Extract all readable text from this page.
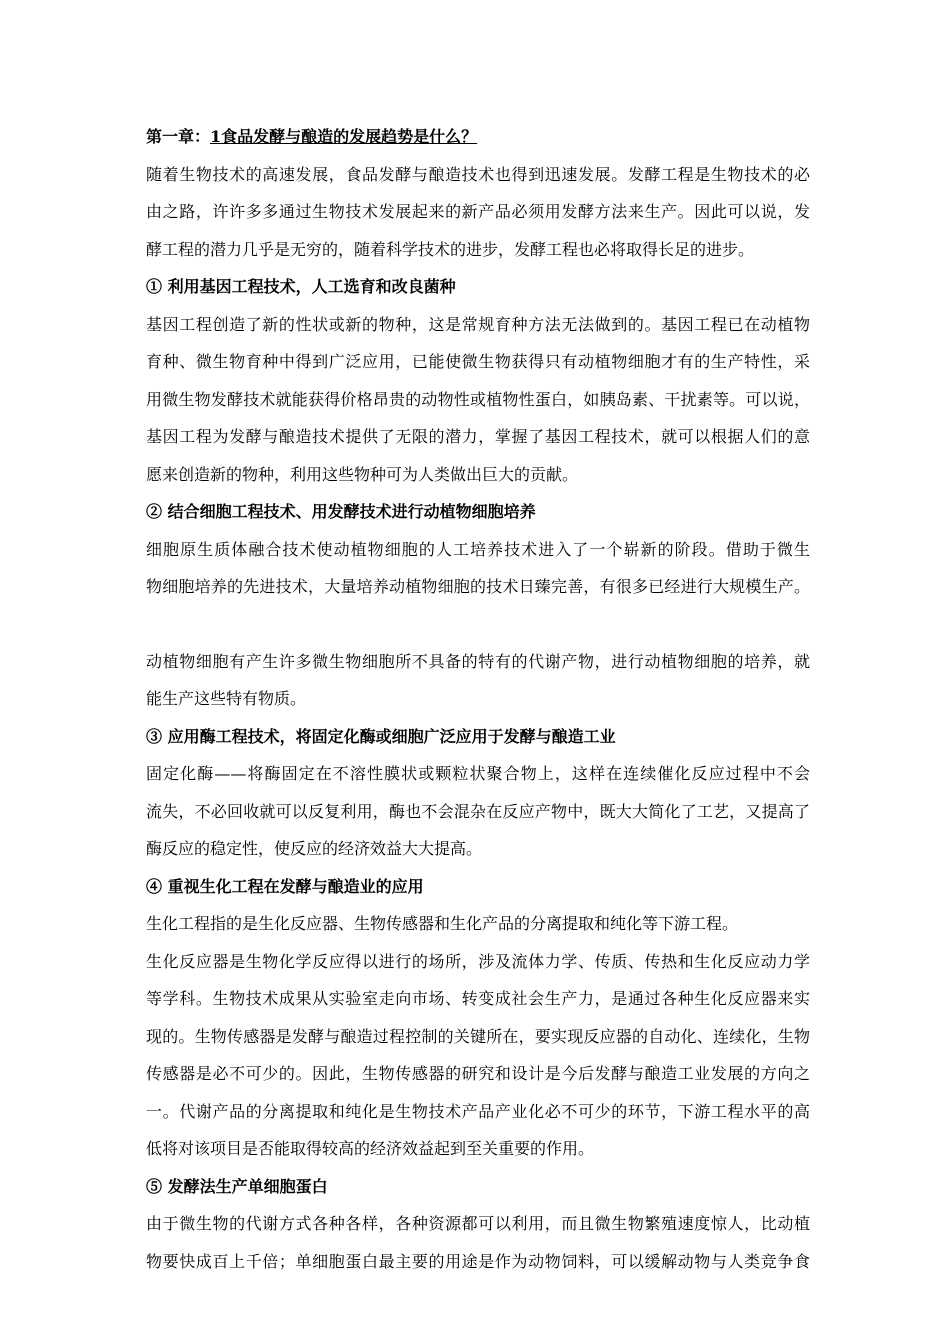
第一章：1食品发酵与酿造的发展趋势是什么？
随着生物技术的高速发展，食品发酵与酿造技术也得到迅速发展。发酵工程是生物技术的必
由之路，许许多多通过生物技术发展起来的新产品必须用发酵方法来生产。因此可以说，发
酵工程的潜力几乎是无穷的，随着科学技术的进步，发酵工程也必将取得长足的进步。
① 利用基因工程技术，人工选育和改良菌种
基因工程创造了新的性状或新的物种，这是常规育种方法无法做到的。基因工程已在动植物
育种、微生物育种中得到广泛应用，已能使微生物获得只有动植物细胞才有的生产特性，采
用微生物发酵技术就能获得价格昂贵的动物性或植物性蛋白，如胰岛素、干扰素等。可以说，
基因工程为发酵与酿造技术提供了无限的潜力，掌握了基因工程技术，就可以根据人们的意
愿来创造新的物种，利用这些物种可为人类做出巨大的贡献。
② 结合细胞工程技术、用发酵技术进行动植物细胞培养
细胞原生质体融合技术使动植物细胞的人工培养技术进入了一个崭新的阶段。借助于微生
物细胞培养的先进技术，大量培养动植物细胞的技术日臻完善，有很多已经进行大规模生产。
动植物细胞有产生许多微生物细胞所不具备的特有的代谢产物，进行动植物细胞的培养，就
能生产这些特有物质。
③ 应用酶工程技术，将固定化酶或细胞广泛应用于发酵与酿造工业
固定化酶——将酶固定在不溶性膜状或颗粒状聚合物上，这样在连续催化反应过程中不会
流失，不必回收就可以反复利用，酶也不会混杂在反应产物中，既大大简化了工艺，又提高了
酶反应的稳定性，使反应的经济效益大大提高。
④ 重视生化工程在发酵与酿造业的应用
生化工程指的是生化反应器、生物传感器和生化产品的分离提取和纯化等下游工程。
生化反应器是生物化学反应得以进行的场所，涉及流体力学、传质、传热和生化反应动力学
等学科。生物技术成果从实验室走向市场、转变成社会生产力，是通过各种生化反应器来实
现的。生物传感器是发酵与酿造过程控制的关键所在，要实现反应器的自动化、连续化，生物
传感器是必不可少的。因此，生物传感器的研究和设计是今后发酵与酿造工业发展的方向之
一。代谢产品的分离提取和纯化是生物技术产品产业化必不可少的环节，下游工程水平的高
低将对该项目是否能取得较高的经济效益起到至关重要的作用。
⑤ 发酵法生产单细胞蛋白
由于微生物的代谢方式各种各样，各种资源都可以利用，而且微生物繁殖速度惊人，比动植
物要快成百上千倍；单细胞蛋白最主要的用途是作为动物饲料，可以缓解动物与人类竞争食
